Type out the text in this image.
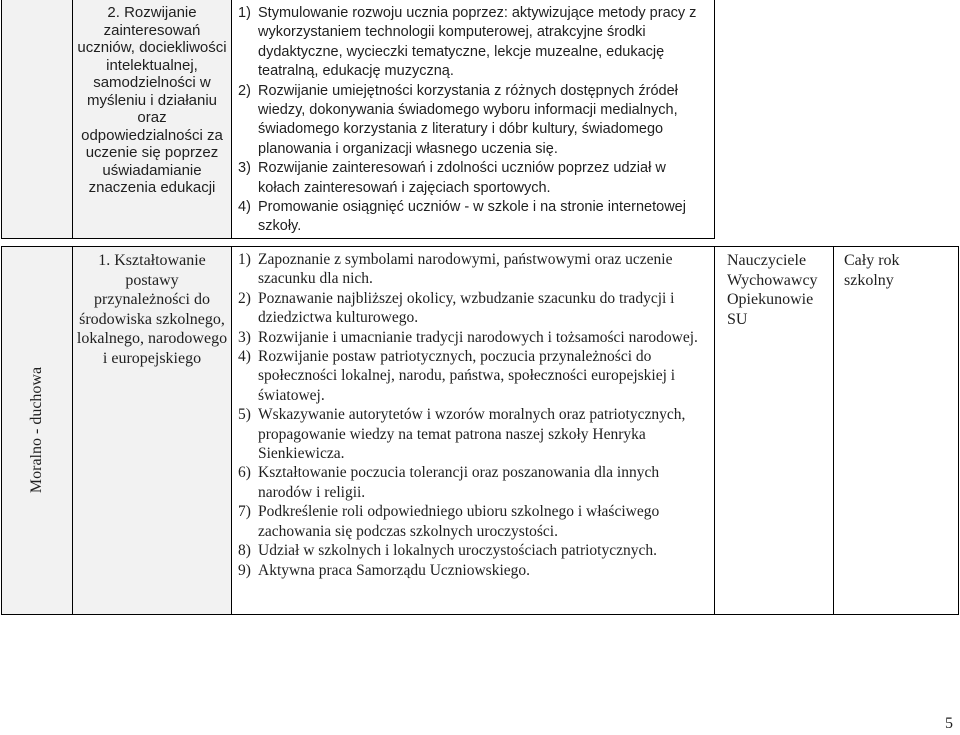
2. Rozwijanie zainteresowań uczniów, dociekliwości intelektualnej, samodzielności w myśleniu i działaniu oraz odpowiedzialności za uczenie się poprzez uświadamianie znaczenia edukacji
1) Stymulowanie rozwoju ucznia poprzez: aktywizujące metody pracy z wykorzystaniem technologii komputerowej, atrakcyjne środki dydaktyczne, wycieczki tematyczne, lekcje muzealne, edukację teatralną, edukację muzyczną.
2) Rozwijanie umiejętności korzystania z różnych dostępnych źródeł wiedzy, dokonywania świadomego wyboru informacji medialnych, świadomego korzystania z literatury i dóbr kultury, świadomego planowania i organizacji własnego uczenia się.
3) Rozwijanie zainteresowań i zdolności uczniów poprzez udział w kołach zainteresowań i zajęciach sportowych.
4) Promowanie osiągnięć uczniów - w szkole i na stronie internetowej szkoły.
Moralno - duchowa
1. Kształtowanie postawy przynależności do środowiska szkolnego, lokalnego, narodowego i europejskiego
1) Zapoznanie z symbolami narodowymi, państwowymi oraz uczenie szacunku dla nich.
2) Poznawanie najbliższej okolicy, wzbudzanie szacunku do tradycji i dziedzictwa kulturowego.
3) Rozwijanie i umacnianie tradycji narodowych i tożsamości narodowej.
4) Rozwijanie postaw patriotycznych, poczucia przynależności do społeczności lokalnej, narodu, państwa, społeczności europejskiej i światowej.
5) Wskazywanie autorytetów i wzorów moralnych oraz patriotycznych, propagowanie wiedzy na temat patrona naszej szkoły Henryka Sienkiewicza.
6) Kształtowanie poczucia tolerancji oraz poszanowania dla innych narodów i religii.
7) Podkreślenie roli odpowiedniego ubioru szkolnego i właściwego zachowania się podczas szkolnych uroczystości.
8) Udział w szkolnych i lokalnych uroczystościach patriotycznych.
9) Aktywna praca Samorządu Uczniowskiego.
Nauczyciele
Wychowawcy
Opiekunowie
SU
Cały rok szkolny
5
